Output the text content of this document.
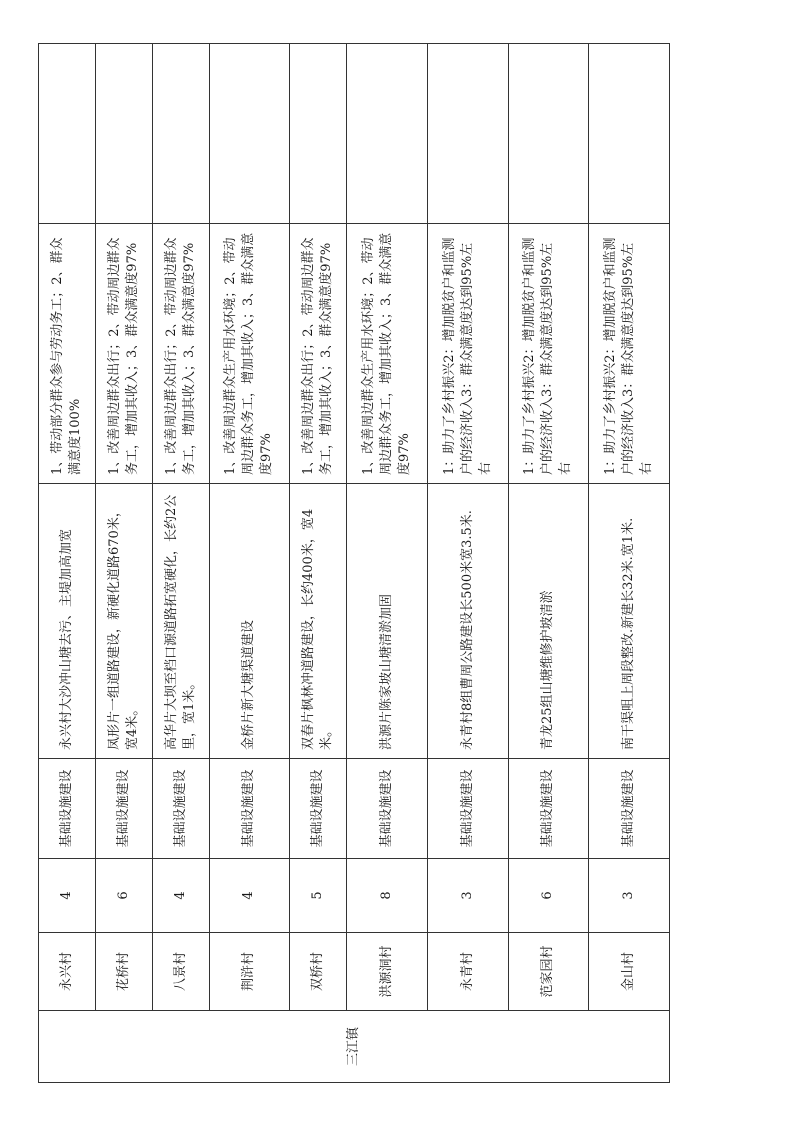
三江镇	永兴村	4	基础设施建设	永兴村大沙冲山塘去污、主堤加高加宽	1、带动部分群众参与劳动务工；2、群众满意度100%	
	花桥村	6	基础设施建设	凤形片一组道路建设，新硬化道路670米，宽4米。	1、改善周边群众出行；2、带动周边群众务工，增加其收入；3、群众满意度97%	
	八景村	4	基础设施建设	高华片大坝至档口源道路拓宽硬化，长约2公里，宽1米。	1、改善周边群众出行；2、带动周边群众务工，增加其收入；3、群众满意度97%	
	荆浒村	4	基础设施建设	金桥片新大塘渠道建设	1、改善周边群众生产用水环境；2、带动周边群众务工，增加其收入；3、群众满意度97%	
	双桥村	5	基础设施建设	双春片枫林冲道路建设，长约400米，宽4米。	1、改善周边群众出行；2、带动周边群众务工，增加其收入；3、群众满意度97%	
	洪源洞村	8	基础设施建设	洪源片陈家坡山塘清淤加固	1、改善周边群众生产用水环境；2、带动周边群众务工，增加其收入；3、群众满意度97%	
	永青村	3	基础设施建设	永青村8组曹周公路建设长500米宽3.5米.	1：助力了乡村振兴2：增加脱贫户和监测户的经济收入3：群众满意度达到95%左右	
	范家园村	6	基础设施建设	青龙25组山塘维修护坡清淤	1：助力了乡村振兴2：增加脱贫户和监测户的经济收入3：群众满意度达到95%左右	
	金山村	3	基础设施建设	南干渠咀上周段整改.新建长32米.宽1米.	1：助力了乡村振兴2：增加脱贫户和监测户的经济收入3：群众满意度达到95%左右	
